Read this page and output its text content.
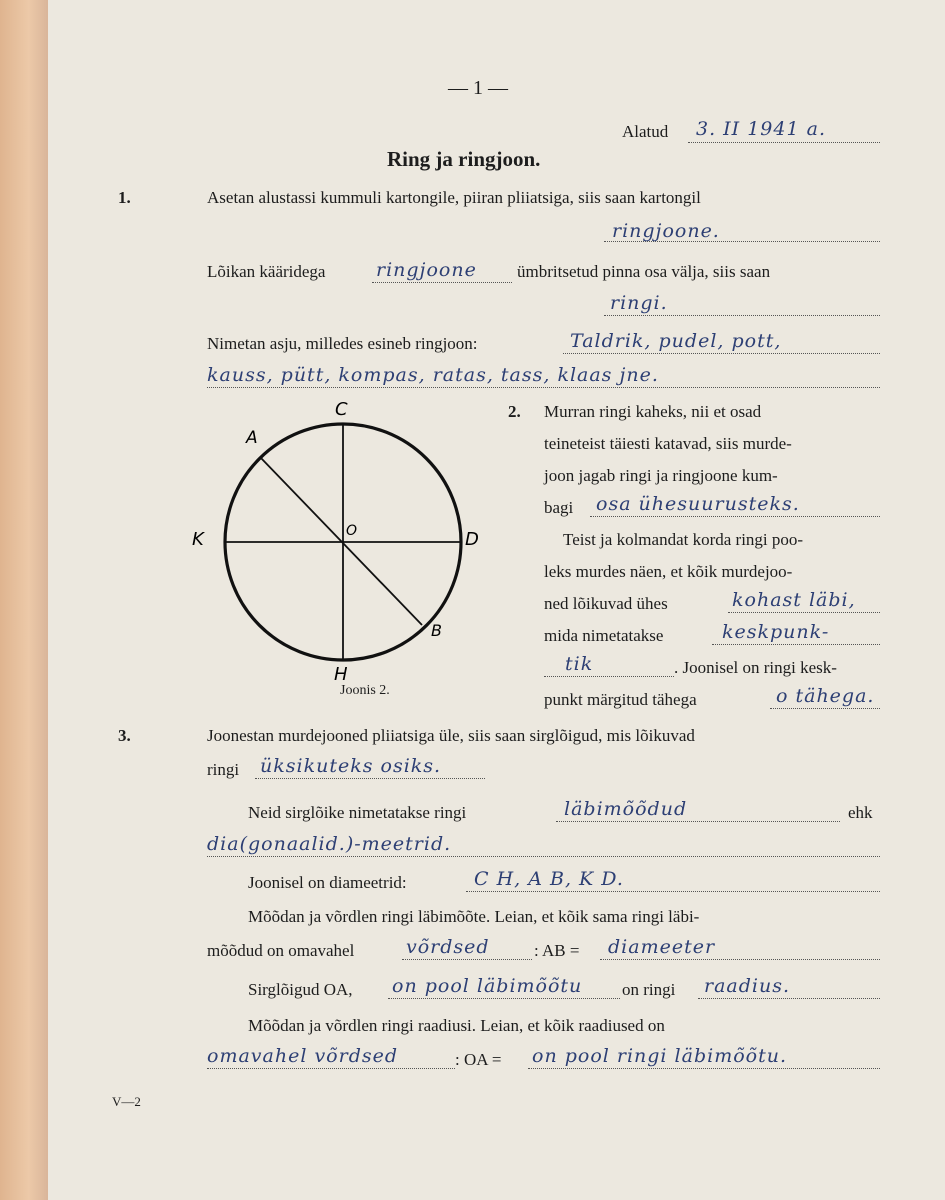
— 1 —
Alatud 3. II 1941 a.
Ring ja ringjoon.
1.	Asetan alustassi kummuli kartongile, piiran pliiatsiga, siis saan kartongil
ringjoone.
Lõikan kääridega	ringjoone ümbritsetud pinna osa välja, siis saan
ringi.
Nimetan asju, milledes esineb ringjoon:	Taldrik, pudel, pott,
kauss, pütt, kompas, ratas, tass, klaas jne.
C
A
K	O	D
B
H
Joonis 2.
2. Murran ringi kaheks, nii et osad
teineteist täiesti katavad, siis murde-
joon jagab ringi ja ringjoone kum-
bagi osa ühesuurusteks.
Teist ja kolmandat korda ringi poo-
leks murdes näen, et kõik murdejoo-
ned lõikuvad ühes	kohast läbi,
mida nimetatakse	keskpunk-
tik	. Joonisel on ringi kesk-
punkt märgitud tähega	o tähega.
3.	Joonestan murdejooned pliiatsiga üle, siis saan sirglõigud, mis lõikuvad
ringi üksikuteks osiks.
Neid sirglõike nimetatakse ringi	läbimõõdud	ehk
dia(gonaalid.)-meetrid.
Joonisel on diameetrid:	C H, A B, K D.
Mõõdan ja võrdlen ringi läbimõõte. Leian, et kõik sama ringi läbi-
mõõdud on omavahel	võrdsed	: AB = diameeter
Sirglõigud OA, on pool läbimõõtu on ringi raadius.
Mõõdan ja võrdlen ringi raadiusi. Leian, et kõik raadiused on
omavahel võrdsed	: OA = on pool ringi läbimõõtu.
V—2
